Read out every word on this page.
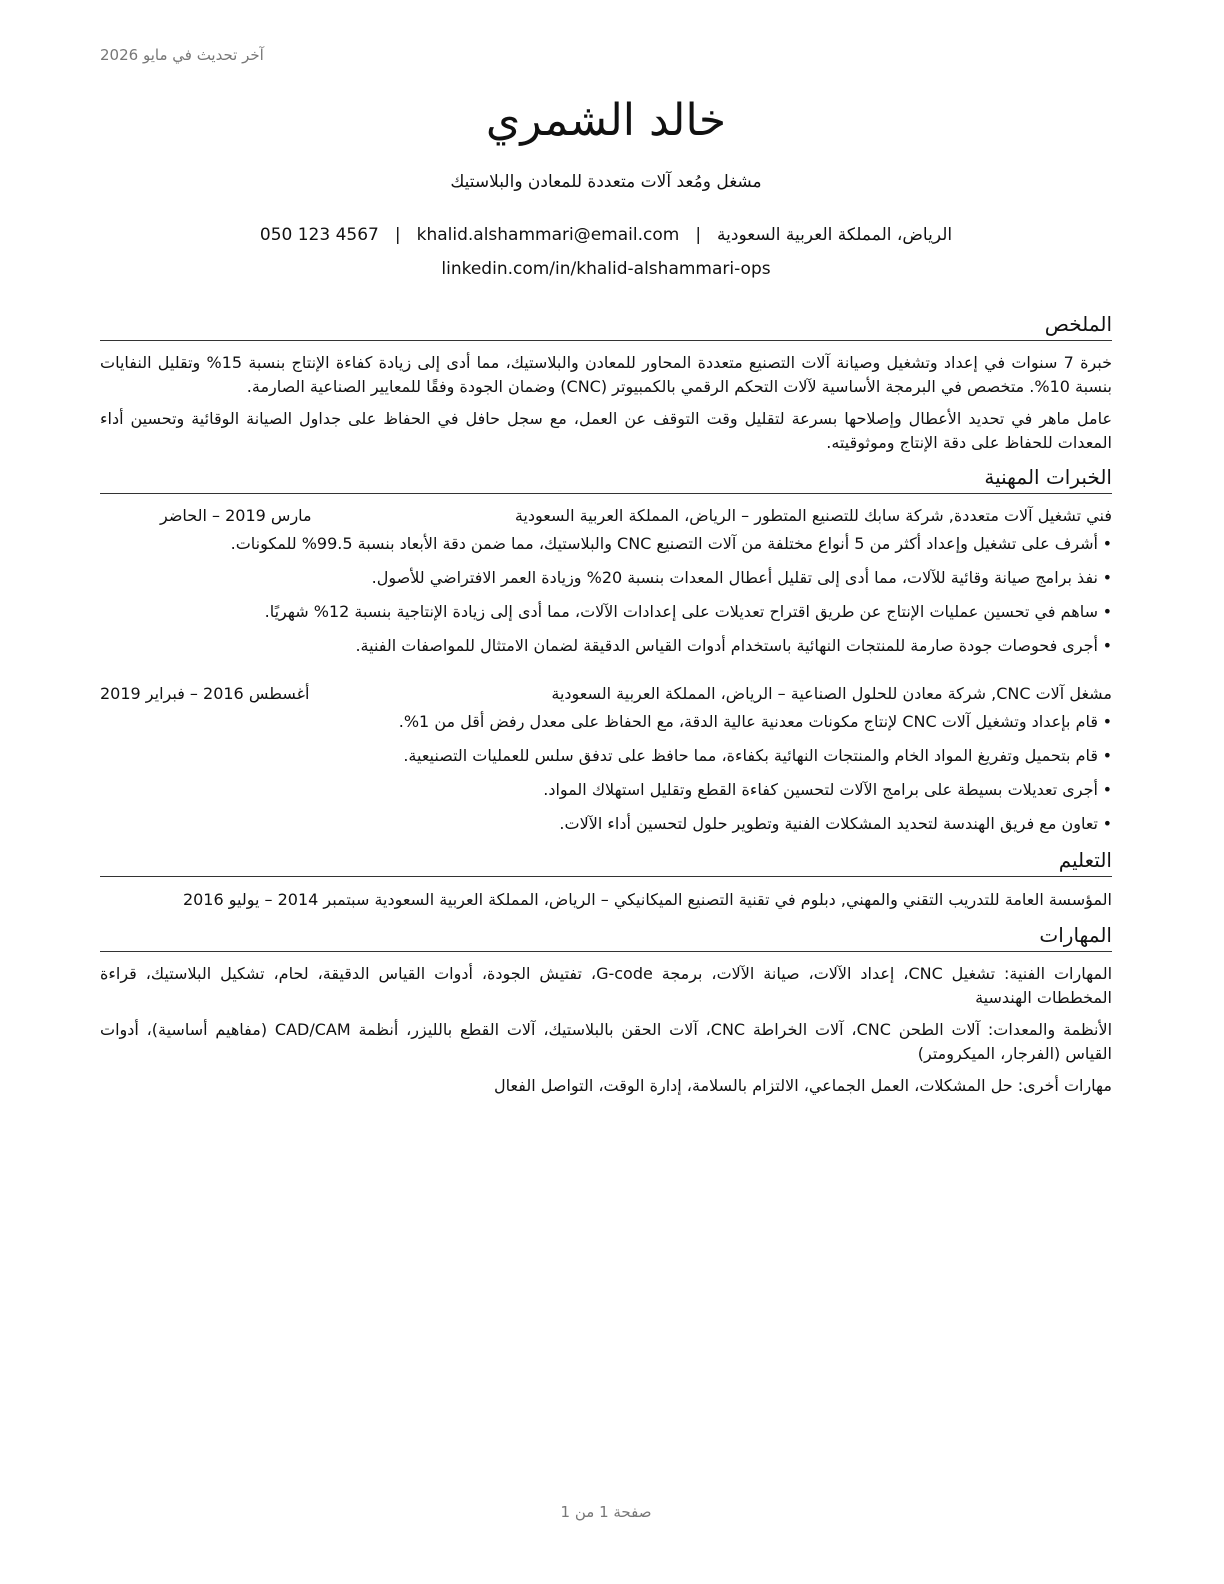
آخر تحديث في مايو 2026
خالد الشمري
مشغل ومُعد آلات متعددة للمعادن والبلاستيك
الرياض، المملكة العربية السعودية|khalid.alshammari@email.com|050 123 4567
linkedin.com/in/khalid-alshammari-ops
الملخص

خبرة 7 سنوات في إعداد وتشغيل وصيانة آلات التصنيع متعددة المحاور للمعادن والبلاستيك، مما أدى إلى زيادة كفاءة الإنتاج بنسبة 15% وتقليل النفايات بنسبة 10%. متخصص في البرمجة الأساسية لآلات التحكم الرقمي بالكمبيوتر (CNC) وضمان الجودة وفقًا للمعايير الصناعية الصارمة.

عامل ماهر في تحديد الأعطال وإصلاحها بسرعة لتقليل وقت التوقف عن العمل، مع سجل حافل في الحفاظ على جداول الصيانة الوقائية وتحسين أداء المعدات للحفاظ على دقة الإنتاج وموثوقيته.

الخبرات المهنية
فني تشغيل آلات متعددة, شركة سابك للتصنيع المتطور – الرياض، المملكة العربية السعودية
مارس 2019 – الحاضر
•
أشرف على تشغيل وإعداد أكثر من 5 أنواع مختلفة من آلات التصنيع CNC والبلاستيك، مما ضمن دقة الأبعاد بنسبة 99.5% للمكونات.
•
نفذ برامج صيانة وقائية للآلات، مما أدى إلى تقليل أعطال المعدات بنسبة 20% وزيادة العمر الافتراضي للأصول.
•
ساهم في تحسين عمليات الإنتاج عن طريق اقتراح تعديلات على إعدادات الآلات، مما أدى إلى زيادة الإنتاجية بنسبة 12% شهريًا.
•
أجرى فحوصات جودة صارمة للمنتجات النهائية باستخدام أدوات القياس الدقيقة لضمان الامتثال للمواصفات الفنية.
مشغل آلات CNC, شركة معادن للحلول الصناعية – الرياض، المملكة العربية السعودية
أغسطس 2016 – فبراير 2019
•
قام بإعداد وتشغيل آلات CNC لإنتاج مكونات معدنية عالية الدقة، مع الحفاظ على معدل رفض أقل من 1%.
•
قام بتحميل وتفريغ المواد الخام والمنتجات النهائية بكفاءة، مما حافظ على تدفق سلس للعمليات التصنيعية.
•
أجرى تعديلات بسيطة على برامج الآلات لتحسين كفاءة القطع وتقليل استهلاك المواد.
•
تعاون مع فريق الهندسة لتحديد المشكلات الفنية وتطوير حلول لتحسين أداء الآلات.
التعليم

المؤسسة العامة للتدريب التقني والمهني, دبلوم في تقنية التصنيع الميكانيكي – الرياض، المملكة العربية السعودية سبتمبر 2014 – يوليو 2016

المهارات

المهارات الفنية: تشغيل CNC، إعداد الآلات، صيانة الآلات، برمجة G-code، تفتيش الجودة، أدوات القياس الدقيقة، لحام، تشكيل البلاستيك، قراءة المخططات الهندسية

الأنظمة والمعدات: آلات الطحن CNC، آلات الخراطة CNC، آلات الحقن بالبلاستيك، آلات القطع بالليزر، أنظمة CAD/CAM (مفاهيم أساسية)، أدوات القياس (الفرجار، الميكرومتر)

مهارات أخرى: حل المشكلات، العمل الجماعي، الالتزام بالسلامة، إدارة الوقت، التواصل الفعال

صفحة 1 من 1
